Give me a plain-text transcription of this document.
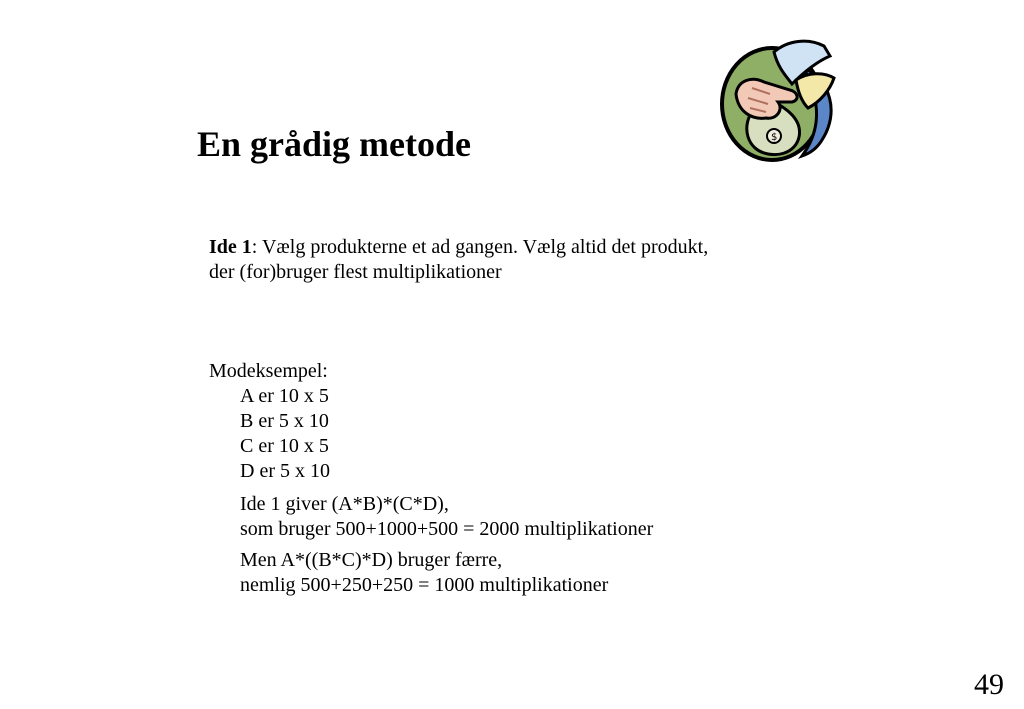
En grådig metode	$

Ide 1: Vælg produkterne et ad gangen. Vælg altid det produkt,
der (for)bruger flest multiplikationer

Modeksempel:

A er 10 x 5

B er 5 x 10

C er 10 x 5

D er 5 x 10

Ide 1 giver (A*B)*(C*D),
som bruger 500+1000+500 = 2000 multiplikationer

Men A*((B*C)*D) bruger færre,
nemlig 500+250+250 = 1000 multiplikationer

49
